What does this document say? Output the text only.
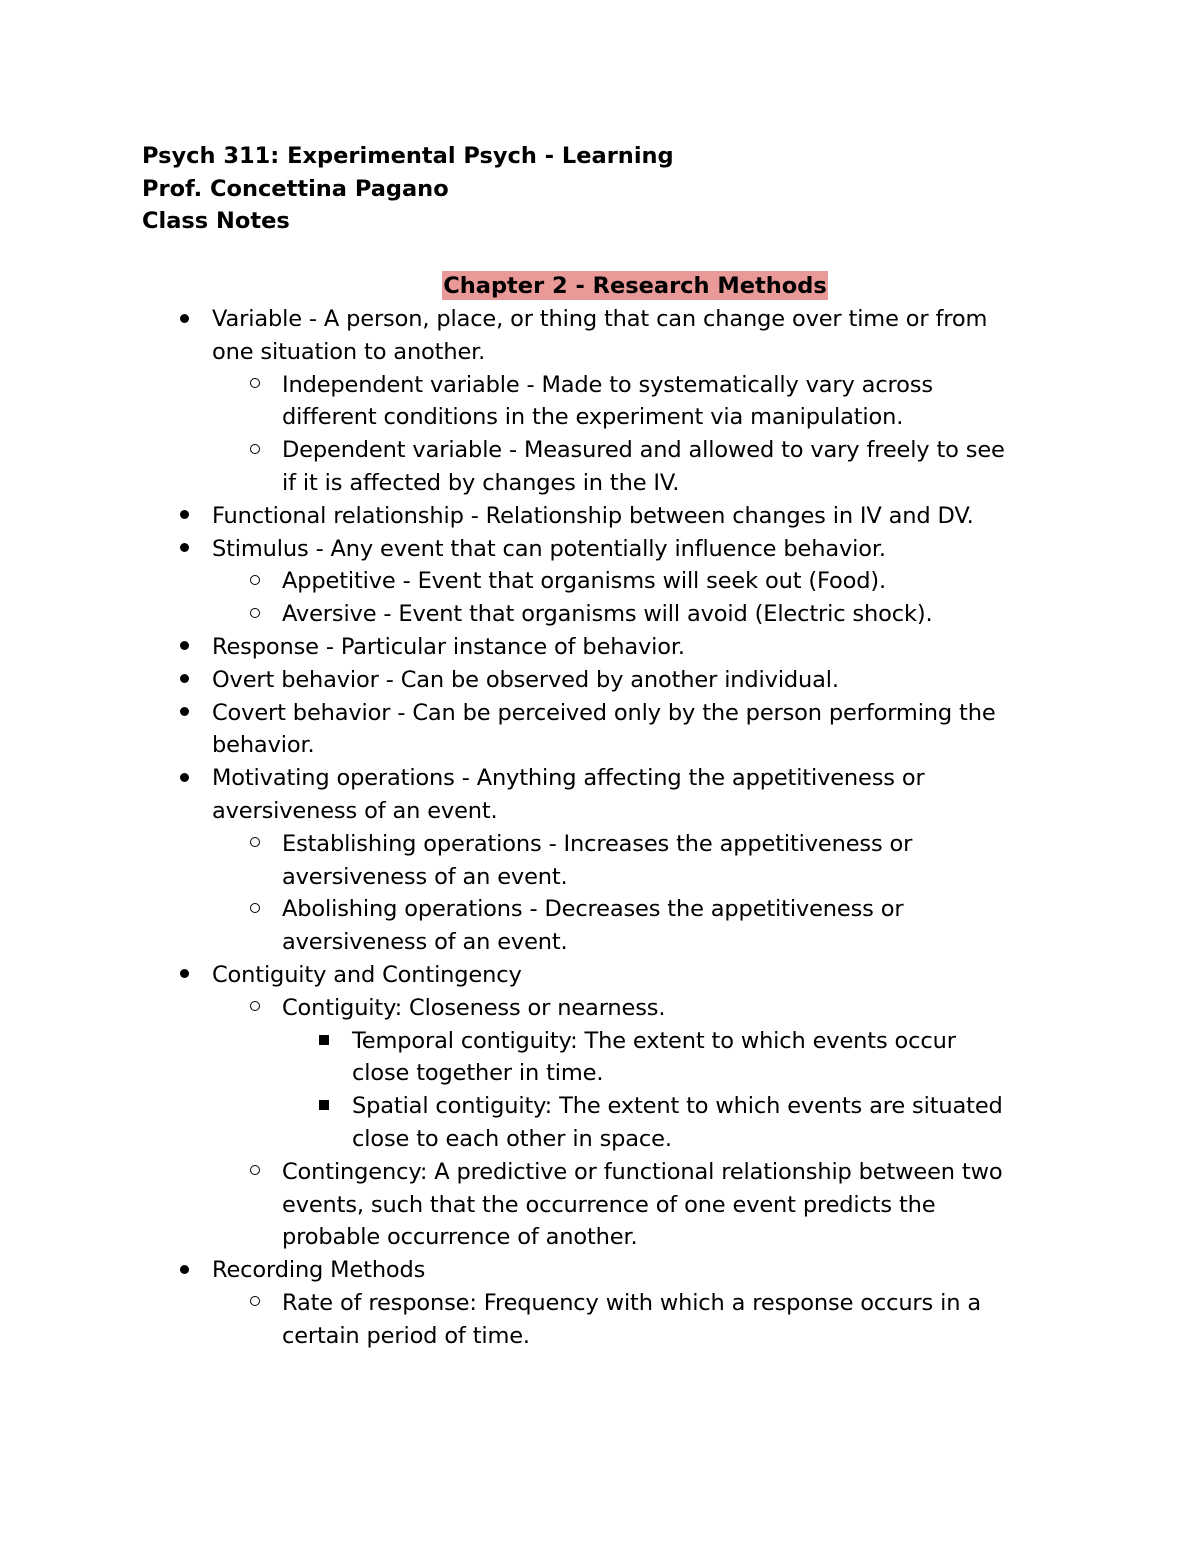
Psych 311: Experimental Psych - Learning
Prof. Concettina Pagano
Class Notes
Chapter 2 - Research Methods
Variable - A person, place, or thing that can change over time or from
one situation to another.
Independent variable - Made to systematically vary across
different conditions in the experiment via manipulation.
Dependent variable - Measured and allowed to vary freely to see
if it is affected by changes in the IV.
Functional relationship - Relationship between changes in IV and DV.
Stimulus - Any event that can potentially influence behavior.
Appetitive - Event that organisms will seek out (Food).
Aversive - Event that organisms will avoid (Electric shock).
Response - Particular instance of behavior.
Overt behavior - Can be observed by another individual.
Covert behavior - Can be perceived only by the person performing the
behavior.
Motivating operations - Anything affecting the appetitiveness or
aversiveness of an event.
Establishing operations - Increases the appetitiveness or
aversiveness of an event.
Abolishing operations - Decreases the appetitiveness or
aversiveness of an event.
Contiguity and Contingency
Contiguity: Closeness or nearness.
Temporal contiguity: The extent to which events occur
close together in time.
Spatial contiguity: The extent to which events are situated
close to each other in space.
Contingency: A predictive or functional relationship between two
events, such that the occurrence of one event predicts the
probable occurrence of another.
Recording Methods
Rate of response: Frequency with which a response occurs in a
certain period of time.
